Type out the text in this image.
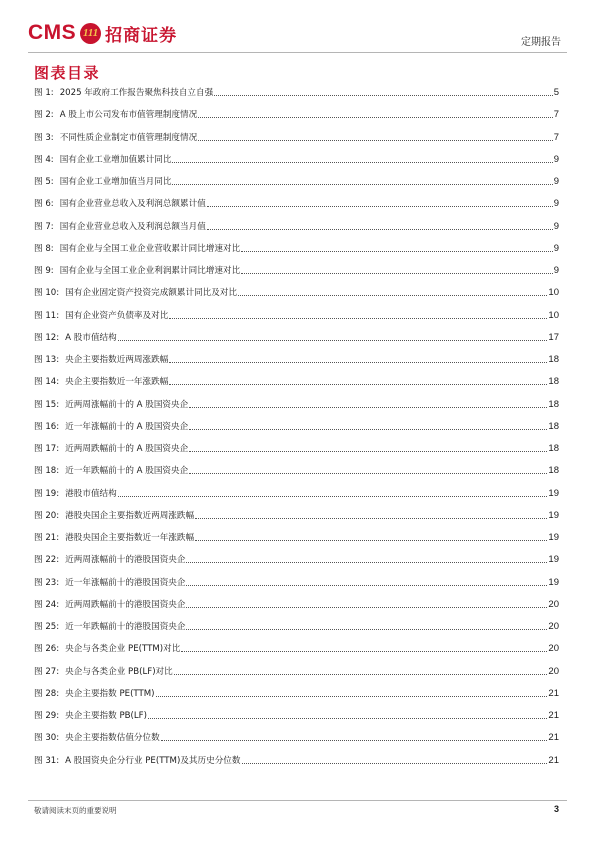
CMS 111 招商证券	定期报告
图表目录
图 1: 2025 年政府工作报告聚焦科技自立自强	5
图 2: A 股上市公司发布市值管理制度情况	7
图 3: 不同性质企业制定市值管理制度情况	7
图 4: 国有企业工业增加值累计同比	9
图 5: 国有企业工业增加值当月同比	9
图 6: 国有企业营业总收入及利润总额累计值	9
图 7: 国有企业营业总收入及利润总额当月值	9
图 8: 国有企业与全国工业企业营收累计同比增速对比	9
图 9: 国有企业与全国工业企业利润累计同比增速对比	9
图 10: 国有企业固定资产投资完成额累计同比及对比	10
图 11: 国有企业资产负债率及对比	10
图 12: A 股市值结构	17
图 13: 央企主要指数近两周涨跌幅	18
图 14: 央企主要指数近一年涨跌幅	18
图 15: 近两周涨幅前十的 A 股国资央企	18
图 16: 近一年涨幅前十的 A 股国资央企	18
图 17: 近两周跌幅前十的 A 股国资央企	18
图 18: 近一年跌幅前十的 A 股国资央企	18
图 19: 港股市值结构	19
图 20: 港股央国企主要指数近两周涨跌幅	19
图 21: 港股央国企主要指数近一年涨跌幅	19
图 22: 近两周涨幅前十的港股国资央企	19
图 23: 近一年涨幅前十的港股国资央企	19
图 24: 近两周跌幅前十的港股国资央企	20
图 25: 近一年跌幅前十的港股国资央企	20
图 26: 央企与各类企业 PE(TTM)对比	20
图 27: 央企与各类企业 PB(LF)对比	20
图 28: 央企主要指数 PE(TTM)	21
图 29: 央企主要指数 PB(LF)	21
图 30: 央企主要指数估值分位数	21
图 31: A 股国资央企分行业 PE(TTM)及其历史分位数	21
敬请阅读末页的重要说明	3
